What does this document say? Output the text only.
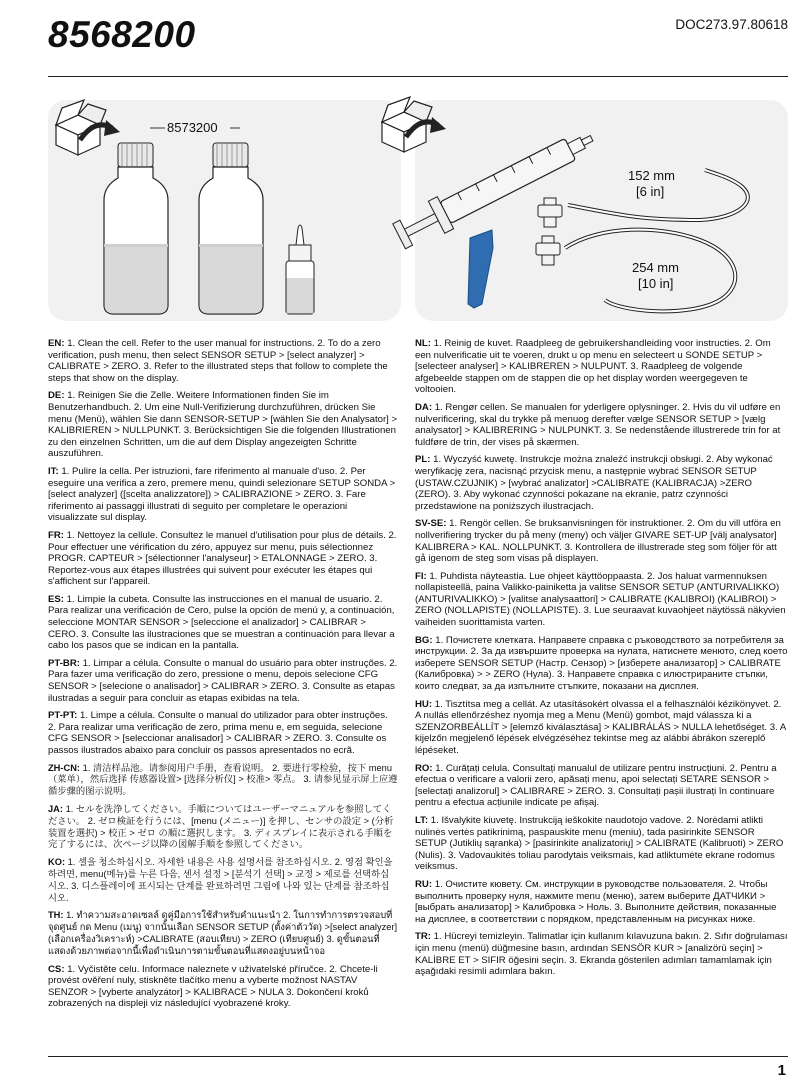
8568200	DOC273.97.80618
8573200
152 mm
[6 in]
254 mm
[10 in]

EN: 1. Clean the cell. Refer to the user manual for instructions. 2. To do a zero verification, push menu, then select SENSOR SETUP > [select analyzer] > CALIBRATE > ZERO. 3. Refer to the illustrated steps that follow to complete the steps that show on the display.

DE: 1. Reinigen Sie die Zelle. Weitere Informationen finden Sie im Benutzerhandbuch. 2. Um eine Null-Verifizierung durchzuführen, drücken Sie menu (Menü), wählen Sie dann SENSOR-SETUP > [wählen Sie den Analysator] > KALIBRIEREN > NULLPUNKT. 3. Berücksichtigen Sie die folgenden Illustrationen zu den einzelnen Schritten, um die auf dem Display angezeigten Schritte auszuführen.

IT: 1. Pulire la cella. Per istruzioni, fare riferimento al manuale d'uso. 2. Per eseguire una verifica a zero, premere menu, quindi selezionare SETUP SONDA > [select analyzer] ([scelta analizzatore]) > CALIBRAZIONE > ZERO. 3. Fare riferimento ai passaggi illustrati di seguito per completare le operazioni visualizzate sul display.

FR: 1. Nettoyez la cellule. Consultez le manuel d'utilisation pour plus de détails. 2. Pour effectuer une vérification du zéro, appuyez sur menu, puis sélectionnez PROGR. CAPTEUR > [sélectionner l'analyseur] > ETALONNAGE > ZERO. 3. Reportez-vous aux étapes illustrées qui suivent pour exécuter les étapes qui s'affichent sur l'appareil.

ES: 1. Limpie la cubeta. Consulte las instrucciones en el manual de usuario. 2. Para realizar una verificación de Cero, pulse la opción de menú y, a continuación, seleccione MONTAR SENSOR > [seleccione el analizador] > CALIBRAR > CERO. 3. Consulte las ilustraciones que se muestran a continuación para llevar a cabo los pasos que se indican en la pantalla.

PT-BR: 1. Limpar a célula. Consulte o manual do usuário para obter instruções. 2. Para fazer uma verificação do zero, pressione o menu, depois selecione CFG SENSOR > [selecione o analisador] > CALIBRAR > ZERO. 3. Consulte as etapas ilustradas a seguir para concluir as etapas exibidas na tela.

PT-PT: 1. Limpe a célula. Consulte o manual do utilizador para obter instruções. 2. Para realizar uma verificação de zero, prima menu e, em seguida, selecione CFG SENSOR > [seleccionar analisador] > CALIBRAR > ZERO. 3. Consulte os passos ilustrados abaixo para concluir os passos apresentados no ecrã.

ZH-CN: 1. 清洁样品池。请参阅用户手册，查看说明。 2. 要进行零检验，按下 menu（菜单），然后选择 传感器设置> [选择分析仪] > 校准> 零点。 3. 请参见显示屏上应遵循步骤的图示说明。

JA: 1. セルを洗浄してください。手順についてはユーザーマニュアルを参照してください。 2. ゼロ検証を行うには、[menu (メニュー)] を押し、センサの設定 > (分析装置を選択) > 校正 > ゼロ の順に選択します。 3. ディスプレイに表示される手順を完了するには、次ページ以降の図解手順を参照してください。

KO: 1. 셀을 청소하십시오. 자세한 내용은 사용 설명서를 참조하십시오. 2. 영점 확인을 하려면, menu(메뉴)를 누른 다음, 센서 설정 > [분석기 선택] > 교정 > 제로를 선택하십시오. 3. 디스플레이에 표시되는 단계를 완료하려면 그림에 나와 있는 단계를 참조하십시오.

TH: 1. ทำความสะอาดเซลล์ ดูคู่มือการใช้สำหรับคำแนะนำ 2. ในการทำการตรวจสอบที่จุดศูนย์ กด Menu (เมนู) จากนั้นเลือก SENSOR SETUP (ตั้งค่าตัววัด) >[select analyzer] (เลือกเครื่องวิเคราะห์) >CALIBRATE (สอบเทียบ) > ZERO (เทียบศูนย์) 3. ดูขั้นตอนที่แสดงด้วยภาพต่อจากนี้เพื่อดำเนินการตามขั้นตอนที่แสดงอยู่บนหน้าจอ

CS: 1. Vyčistěte celu. Informace naleznete v uživatelské příručce. 2. Chcete-li provést ověření nuly, stiskněte tlačítko menu a vyberte možnost NASTAV SENZOR > [vyberte analyzátor] > KALIBRACE > NULA 3. Dokončení kroků zobrazených na displeji viz následující vyobrazené kroky.

NL: 1. Reinig de kuvet. Raadpleeg de gebruikershandleiding voor instructies. 2. Om een nulverificatie uit te voeren, drukt u op menu en selecteert u SONDE SETUP > [selecteer analyser] > KALIBREREN > NULPUNT. 3. Raadpleeg de volgende afgebeelde stappen om de stappen die op het display worden weergegeven te voltooien.

DA: 1. Rengør cellen. Se manualen for yderligere oplysninger. 2. Hvis du vil udføre en nulverificering, skal du trykke på menuog derefter vælge SENSOR SETUP > [vælg analysator] > KALIBRERING > NULPUNKT. 3. Se nedenstående illustrerede trin for at fuldføre de trin, der vises på skærmen.

PL: 1. Wyczyść kuwetę. Instrukcje można znaleźć instrukcji obsługi. 2. Aby wykonać weryfikację zera, nacisnąć przycisk menu, a następnie wybrać SENSOR SETUP (USTAW.CZUJNIK) > [wybrać analizator] >CALIBRATE (KALIBRACJA) >ZERO (ZERO). 3. Aby wykonać czynności pokazane na ekranie, patrz czynności przedstawione na poniższych ilustracjach.

SV-SE: 1. Rengör cellen. Se bruksanvisningen för instruktioner. 2. Om du vill utföra en nollverifiering trycker du på meny (meny) och väljer GIVARE SET-UP [välj analysator] KALIBRERA > KAL. NOLLPUNKT. 3. Kontrollera de illustrerade steg som följer för att gå igenom de steg som visas på displayen.

FI: 1. Puhdista näyteastia. Lue ohjeet käyttöoppaasta. 2. Jos haluat varmennuksen nollapisteellä, paina Valikko-painiketta ja valitse SENSOR SETUP (ANTURIVALIKKO) (ANTURIVALIKKO) > [valitse analysaattori] > CALIBRATE (KALIBROI) (KALIBROI) > ZERO (NOLLAPISTE) (NOLLAPISTE). 3. Lue seuraavat kuvaohjeet näytössä näkyvien vaiheiden suorittamista varten.

BG: 1. Почистете клетката. Направете справка с ръководството за потребителя за инструкции. 2. За да извършите проверка на нулата, натиснете менюто, след което изберете SENSOR SETUP (Настр. Сензор) > [изберете анализатор] > CALIBRATE (Калибровка) > > ZERO (Нула). 3. Направете справка с илюстрираните стъпки, които следват, за да изпълните стъпките, показани на дисплея.

HU: 1. Tisztítsa meg a cellát. Az utasításokért olvassa el a felhasználói kézikönyvet. 2. A nullás ellenőrzéshez nyomja meg a Menu (Menü) gombot, majd válassza ki a SZENZORBEÁLLÍT > [elemző kiválasztása] > KALIBRÁLÁS > NULLA lehetőséget. 3. A kijelzőn megjelenő lépések elvégzéséhez tekintse meg az alábbi ábrákon szereplő lépéseket.

RO: 1. Curățați celula. Consultați manualul de utilizare pentru instrucțiuni. 2. Pentru a efectua o verificare a valorii zero, apăsați menu, apoi selectați SETARE SENSOR > [selectați analizorul] > CALIBRARE > ZERO. 3. Consultați pașii ilustrați în continuare pentru a efectua acțiunile indicate pe afișaj.

LT: 1. Išvalykite kiuvetę. Instrukciją ieškokite naudotojo vadove. 2. Norėdami atlikti nulinės vertės patikrinimą, paspauskite menu (meniu), tada pasirinkite SENSOR SETUP (Jutiklių sąranka) > [pasirinkite analizatorių] > CALIBRATE (Kalibruoti) > ZERO (Nulis). 3. Vadovaukitės toliau parodytais veiksmais, kad atliktumėte ekrane rodomus veiksmus.

RU: 1. Очистите кювету. См. инструкции в руководстве пользователя. 2. Чтобы выполнить проверку нуля, нажмите menu (меню), затем выберите ДАТЧИКИ > [выбрать анализатор] > Калибровка > Ноль. 3. Выполните действия, показанные на дисплее, в соответствии с порядком, представленным на рисунках ниже.

TR: 1. Hücreyi temizleyin. Talimatlar için kullanım kılavuzuna bakın. 2. Sıfır doğrulaması için menu (menü) düğmesine basın, ardından SENSÖR KUR > [analizörü seçin] > KALİBRE ET > SIFIR öğesini seçin. 3. Ekranda gösterilen adımları tamamlamak için aşağıdaki resimli adımlara bakın.

1
